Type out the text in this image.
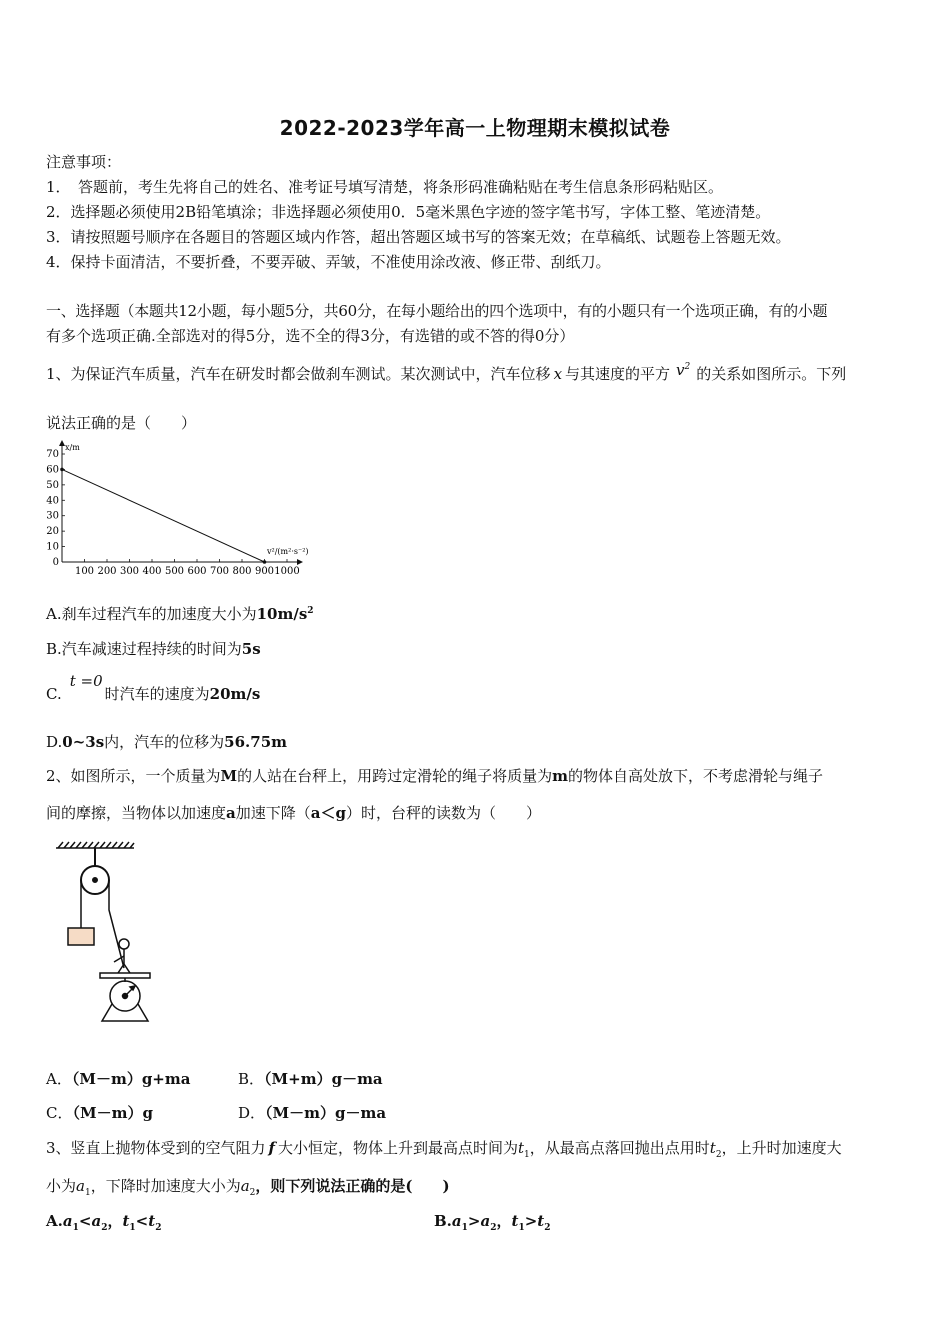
2022-2023学年高一上物理期末模拟试卷
注意事项：
1．　答题前，考生先将自己的姓名、准考证号填写清楚，将条形码准确粘贴在考生信息条形码粘贴区。
2．选择题必须使用2B铅笔填涂；非选择题必须使用0．5毫米黑色字迹的签字笔书写，字体工整、笔迹清楚。
3．请按照题号顺序在各题目的答题区域内作答，超出答题区域书写的答案无效；在草稿纸、试题卷上答题无效。
4．保持卡面清洁，不要折叠，不要弄破、弄皱，不准使用涂改液、修正带、刮纸刀。
一、选择题（本题共12小题，每小题5分，共60分，在每小题给出的四个选项中，有的小题只有一个选项正确，有的小题
有多个选项正确.全部选对的得5分，选不全的得3分，有选错的或不答的得0分）
1、为保证汽车质量，汽车在研发时都会做刹车测试。某次测试中，汽车位移 x 与其速度的平方 $v^2$ 的关系如图所示。下列
说法正确的是（　　）
x/m
v²/(m²·s⁻²)
70
60
50
40
30
20
10
0
100 200 300 400 500 600 700 800 900 1000
A.刹车过程汽车的加速度大小为$10m/s^2$
B.汽车减速过程持续的时间为5s
C.t =0时汽车的速度为20m/s
D.0~3s内，汽车的位移为56.75m
2、如图所示，一个质量为M的人站在台秤上，用跨过定滑轮的绳子将质量为m的物体自高处放下，不考虑滑轮与绳子
间的摩擦，当物体以加速度a加速下降（a＜g）时，台秤的读数为（　　）
A．（M－m）g+ma	B．（M+m）g－ma
C．（M－m）g	D．（M－m）g－ma
3、竖直上抛物体受到的空气阻力 f 大小恒定，物体上升到最高点时间为$t_1$，从最高点落回抛出点用时$t_2$，上升时加速度大
小为$a_1$，下降时加速度大小为$a_2$，则下列说法正确的是(　　)
$A.a_1<a_2$，$t_1<t_2$	$B.a_1>a_2$，$t_1>t_2$
